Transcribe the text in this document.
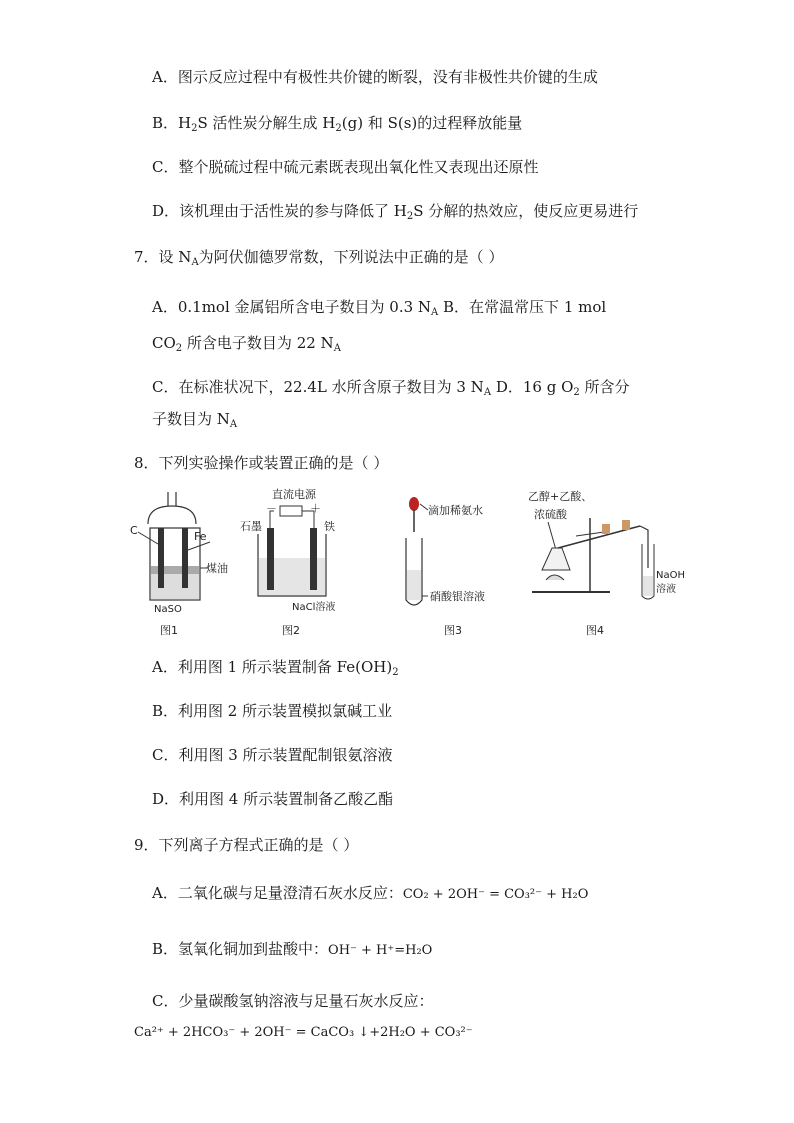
A．图示反应过程中有极性共价键的断裂，没有非极性共价键的生成
B．$H_2S$ 活性炭分解生成 $H_2(g)$ 和 S(s)的过程释放能量
C．整个脱硫过程中硫元素既表现出氧化性又表现出还原性
D．该机理由于活性炭的参与降低了 $H_2S$ 分解的热效应，使反应更易进行
7．设 $N_A$为阿伏伽德罗常数，下列说法中正确的是（ ）
A．0.1mol 金属铝所含电子数目为 0.3 $N_A$ B．在常温常压下 1 mol
$CO_2$ 所含电子数目为 22 $N_A$
C．在标准状况下，22.4L 水所含原子数目为 3 $N_A$ D．16 g $O_2$ 所含分
子数目为 $N_A$
8．下列实验操作或装置正确的是（ ）
C	Fe
煤油
NaSO
图1
直流电源
－	＋
石墨	铁
NaCl溶液
图2
滴加稀氨水
硝酸银溶液
图3
乙醇+乙酸、
浓硫酸
NaOH
溶液
图4
A．利用图 1 所示装置制备 $Fe(OH)_2$
B．利用图 2 所示装置模拟氯碱工业
C．利用图 3 所示装置配制银氨溶液
D．利用图 4 所示装置制备乙酸乙酯
9．下列离子方程式正确的是（ ）
A．二氧化碳与足量澄清石灰水反应：CO₂ + 2OH⁻ = CO₃²⁻ + H₂O
B．氢氧化铜加到盐酸中：OH⁻ + H⁺=H₂O
C．少量碳酸氢钠溶液与足量石灰水反应：
Ca²⁺ + 2HCO₃⁻ + 2OH⁻ = CaCO₃ ↓+2H₂O + CO₃²⁻
